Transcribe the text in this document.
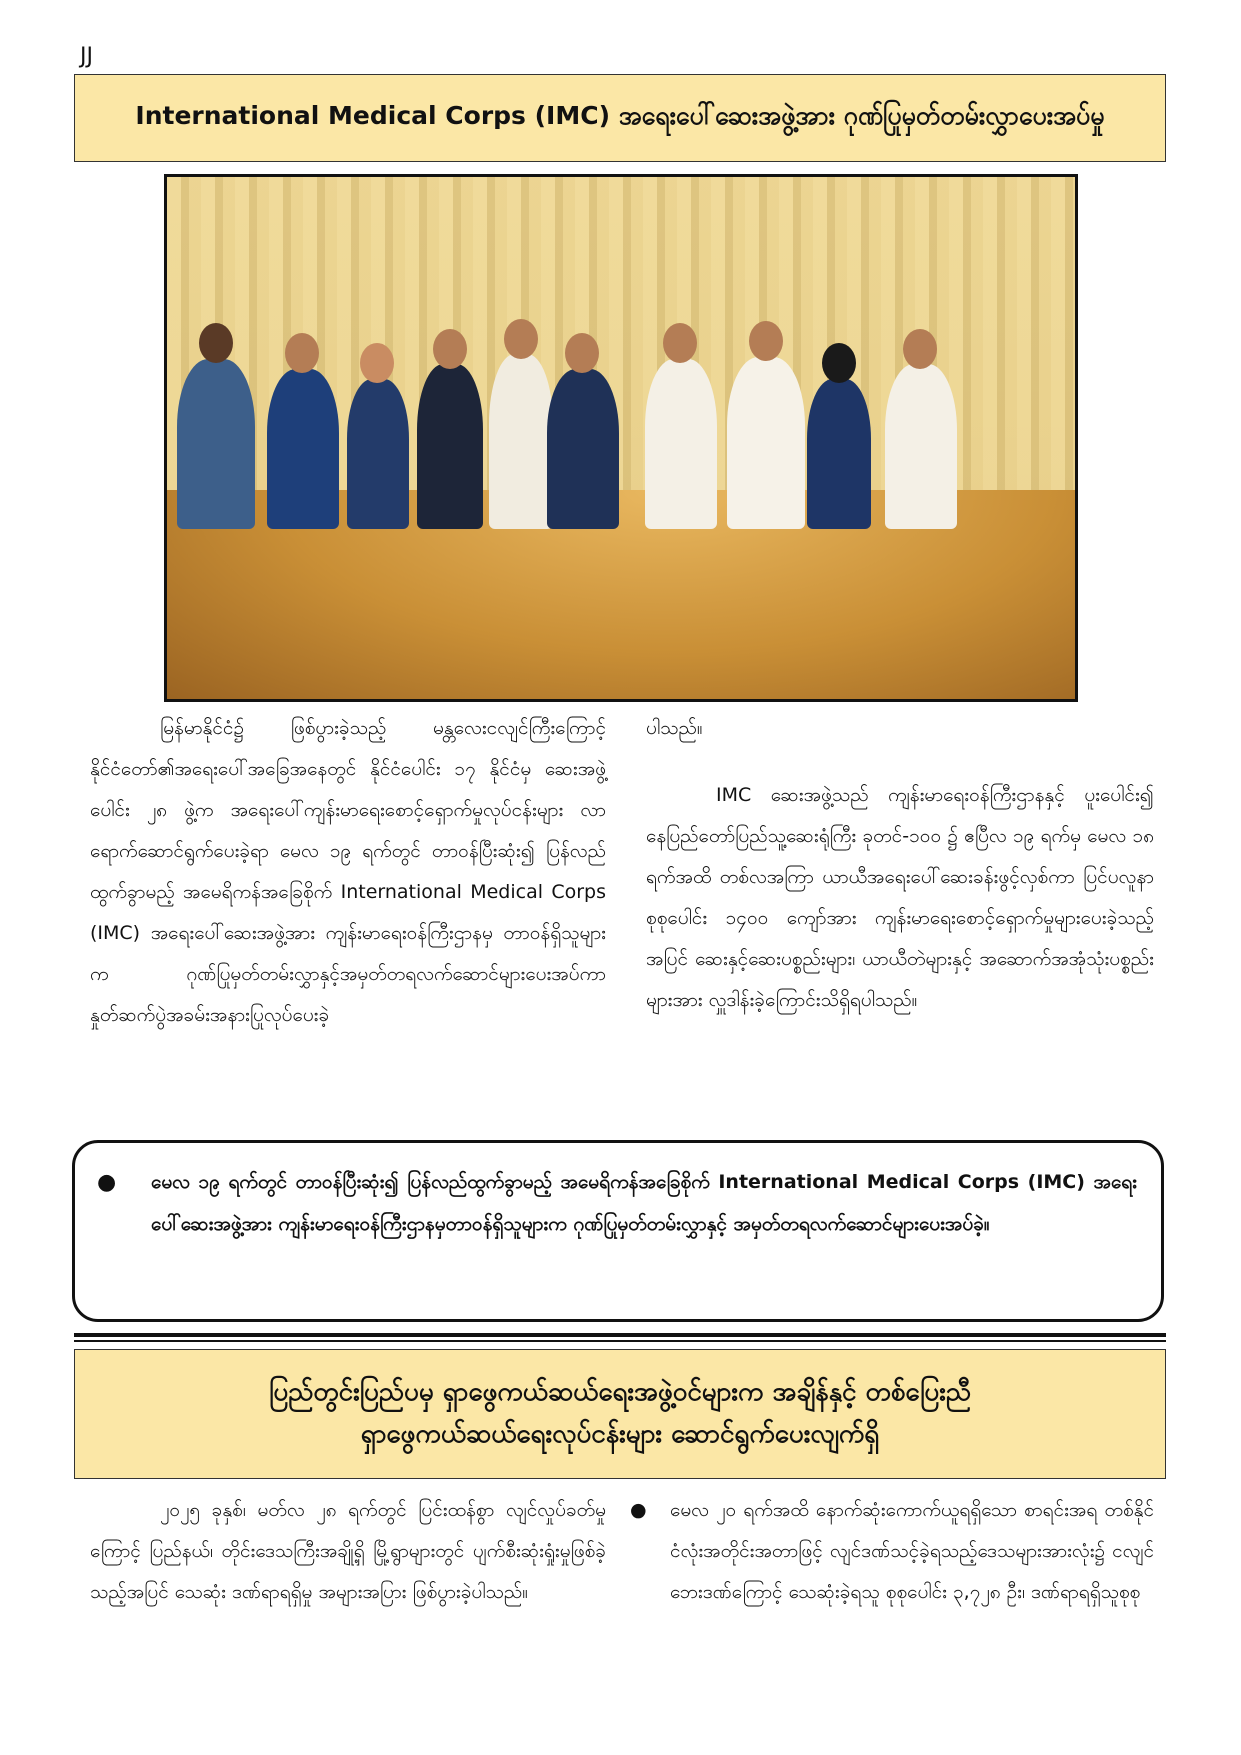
JJ
International Medical Corps (IMC) အရေးပေါ်ဆေးအဖွဲ့အား ဂုဏ်ပြုမှတ်တမ်းလွှာပေးအပ်မှု

မြန်မာနိုင်ငံ၌ ဖြစ်ပွားခဲ့သည့် မန္တလေးငလျင်ကြီးကြောင့် နိုင်ငံတော်၏အရေးပေါ်အခြေအနေတွင် နိုင်ငံပေါင်း ၁၇ နိုင်ငံမှ ဆေးအဖွဲ့ပေါင်း ၂၈ ဖွဲ့က အရေးပေါ်ကျန်းမာရေးစောင့်ရှောက်မှုလုပ်ငန်းများ လာရောက်ဆောင်ရွက်ပေးခဲ့ရာ မေလ ၁၉ ရက်တွင် တာဝန်ပြီးဆုံး၍ ပြန်လည်ထွက်ခွာမည့် အမေရိကန်အခြေစိုက် International Medical Corps (IMC) အရေးပေါ်ဆေးအဖွဲ့အား ကျန်းမာရေးဝန်ကြီးဌာနမှ တာဝန်ရှိသူများက ဂုဏ်ပြုမှတ်တမ်းလွှာနှင့်အမှတ်တရလက်ဆောင်များပေးအပ်ကာ နှုတ်ဆက်ပွဲအခမ်းအနားပြုလုပ်ပေးခဲ့

ပါသည်။

IMC ဆေးအဖွဲ့သည် ကျန်းမာရေးဝန်ကြီးဌာနနှင့် ပူးပေါင်း၍ နေပြည်တော်ပြည်သူ့ဆေးရုံကြီး ခုတင်-၁၀၀ ၌ ဧပြီလ ၁၉ ရက်မှ မေလ ၁၈ ရက်အထိ တစ်လအကြာ ယာယီအရေးပေါ်ဆေးခန်းဖွင့်လှစ်ကာ ပြင်ပလူနာစုစုပေါင်း ၁၄၀၀ ကျော်အား ကျန်းမာရေးစောင့်ရှောက်မှုများပေးခဲ့သည့်အပြင် ဆေးနှင့်ဆေးပစ္စည်းများ၊ ယာယီတဲများနှင့် အဆောက်အအုံသုံးပစ္စည်းများအား လှူဒါန်းခဲ့ကြောင်းသိရှိရပါသည်။

●	မေလ ၁၉ ရက်တွင် တာဝန်ပြီးဆုံး၍ ပြန်လည်ထွက်ခွာမည့် အမေရိကန်အခြေစိုက် International Medical Corps (IMC) အရေးပေါ်ဆေးအဖွဲ့အား ကျန်းမာရေးဝန်ကြီးဌာနမှတာဝန်ရှိသူများက ဂုဏ်ပြုမှတ်တမ်းလွှာနှင့် အမှတ်တရလက်ဆောင်များပေးအပ်ခဲ့။
ပြည်တွင်းပြည်ပမှ ရှာဖွေကယ်ဆယ်ရေးအဖွဲ့ဝင်များက အချိန်နှင့် တစ်ပြေးညီ
ရှာဖွေကယ်ဆယ်ရေးလုပ်ငန်းများ ဆောင်ရွက်ပေးလျက်ရှိ

၂၀၂၅ ခုနှစ်၊ မတ်လ ၂၈ ရက်တွင် ပြင်းထန်စွာ လျင်လှုပ်ခတ်မှုကြောင့် ပြည်နယ်၊ တိုင်းဒေသကြီးအချို့ရှိ မြို့ရွာများတွင် ပျက်စီးဆုံးရှုံးမှုဖြစ်ခဲ့သည့်အပြင် သေဆုံး ဒဏ်ရာရရှိမှု အများအပြား ဖြစ်ပွားခဲ့ပါသည်။

●	မေလ ၂၀ ရက်အထိ နောက်ဆုံးကောက်ယူရရှိသော စာရင်းအရ တစ်နိုင်ငံလုံးအတိုင်းအတာဖြင့် လျင်ဒဏ်သင့်ခဲ့ရသည့်ဒေသများအားလုံး၌ ငလျင်ဘေးဒဏ်ကြောင့် သေဆုံးခဲ့ရသူ စုစုပေါင်း ၃,၇၂၈ ဦး၊ ဒဏ်ရာရရှိသူစုစု
